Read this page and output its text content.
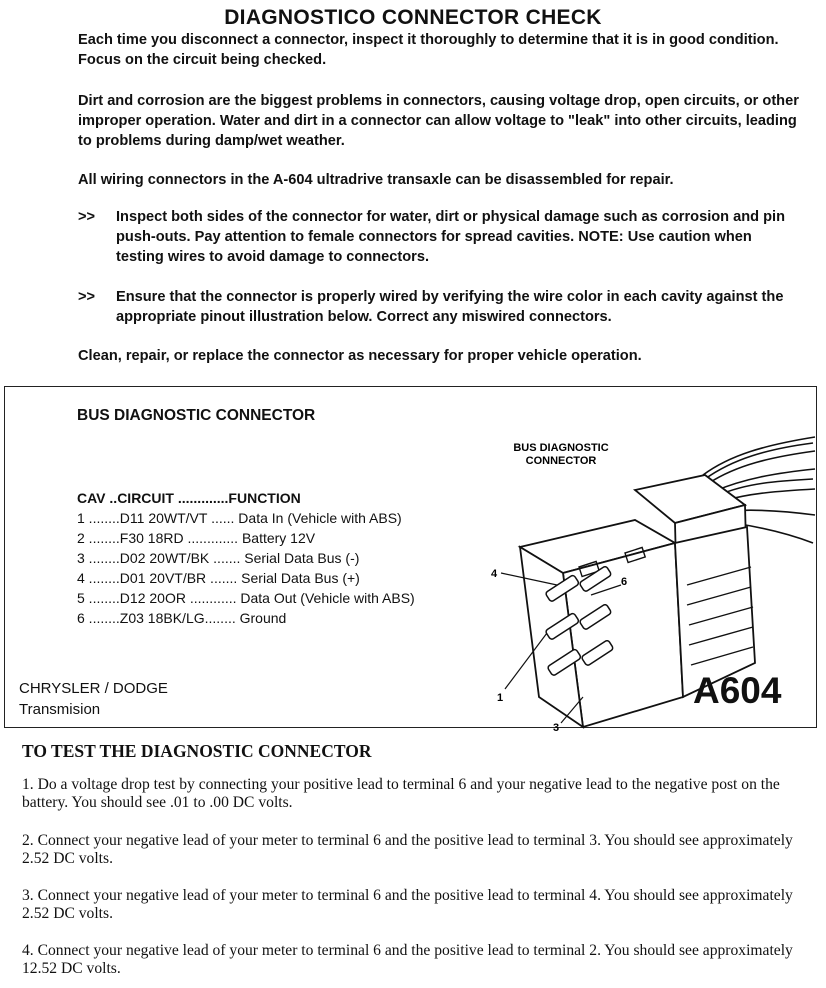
DIAGNOSTICO CONNECTOR CHECK
Each time you disconnect a connector, inspect it thoroughly to determine that it is in good condition. Focus on the circuit being checked.
Dirt and corrosion are the biggest problems in connectors, causing voltage drop, open circuits, or other improper operation. Water and dirt in a connector can allow voltage to "leak" into other circuits, leading to problems during damp/wet weather.
All wiring connectors in the A-604 ultradrive transaxle can be disassembled for repair.
>> Inspect both sides of the connector for water, dirt or physical damage such as corrosion and pin push-outs. Pay attention to female connectors for spread cavities. NOTE: Use caution when testing wires to avoid damage to connectors.
>> Ensure that the connector is properly wired by verifying the wire color in each cavity against the appropriate pinout illustration below. Correct any miswired connectors.
Clean, repair, or replace the connector as necessary for proper vehicle operation.
BUS DIAGNOSTIC CONNECTOR
CAV ..CIRCUIT .............FUNCTION
1 ........D11 20WT/VT ...... Data In (Vehicle with ABS)
2 ........F30 18RD ............. Battery 12V
3 ........D02 20WT/BK ....... Serial Data Bus (-)
4 ........D01 20VT/BR ....... Serial Data Bus (+)
5 ........D12 20OR ............ Data Out (Vehicle with ABS)
6 ........Z03 18BK/LG........ Ground
BUS DIAGNOSTIC
CONNECTOR
4
6
1
3
CHRYSLER / DODGE
Transmision	A604
TO TEST THE DIAGNOSTIC CONNECTOR
1. Do a voltage drop test by connecting your positive lead to terminal 6 and your negative lead to the negative post on the battery. You should see .01 to .00 DC volts.
2. Connect your negative lead of your meter to terminal 6 and the positive lead to terminal 3. You should see approximately 2.52 DC volts.
3. Connect your negative lead of your meter to terminal 6 and the positive lead to terminal 4. You should see approximately 2.52 DC volts.
4. Connect your negative lead of your meter to terminal 6 and the positive lead to terminal 2. You should see approximately 12.52 DC volts.
